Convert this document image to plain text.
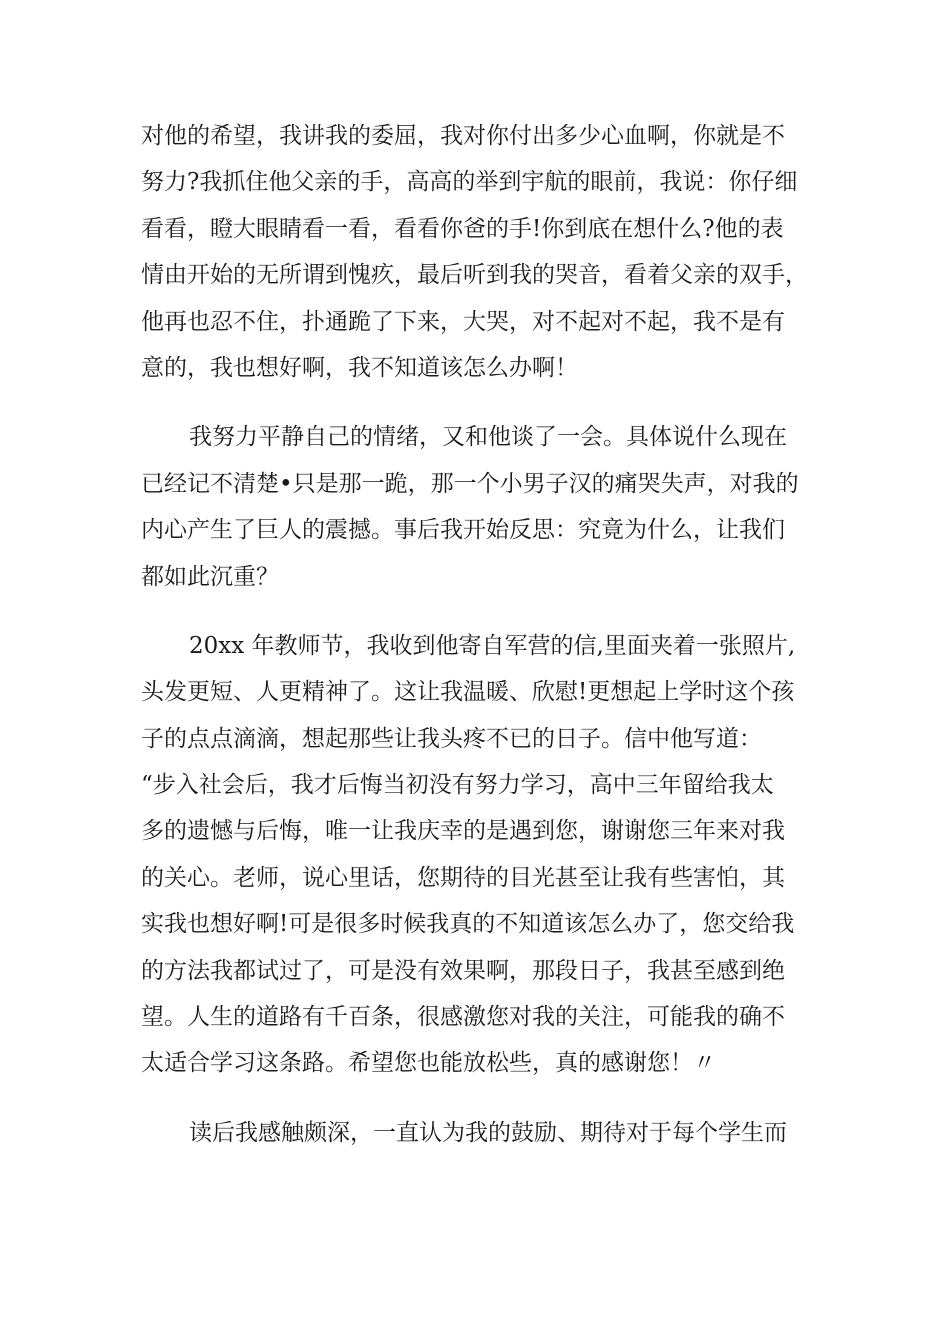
对他的希望，我讲我的委屈，我对你付出多少心血啊，你就是不
努力?我抓住他父亲的手，高高的举到宇航的眼前，我说：你仔细
看看，瞪大眼睛看一看，看看你爸的手!你到底在想什么?他的表
情由开始的无所谓到愧疚，最后听到我的哭音，看着父亲的双手，
他再也忍不住，扑通跪了下来，大哭，对不起对不起，我不是有
意的，我也想好啊，我不知道该怎么办啊！
我努力平静自己的情绪，又和他谈了一会。具体说什么现在
已经记不清楚•只是那一跪，那一个小男子汉的痛哭失声，对我的
内心产生了巨人的震撼。事后我开始反思：究竟为什么，让我们
都如此沉重？
20xx 年教师节，我收到他寄自军营的信,里面夹着一张照片,
头发更短、人更精神了。这让我温暖、欣慰!更想起上学时这个孩
子的点点滴滴，想起那些让我头疼不已的日子。信中他写道：
“步入社会后，我才后悔当初没有努力学习，高中三年留给我太
多的遗憾与后悔，唯一让我庆幸的是遇到您，谢谢您三年来对我
的关心。老师，说心里话，您期待的目光甚至让我有些害怕，其
实我也想好啊!可是很多时候我真的不知道该怎么办了，您交给我
的方法我都试过了，可是没有效果啊，那段日子，我甚至感到绝
望。人生的道路有千百条，很感激您对我的关注，可能我的确不
太适合学习这条路。希望您也能放松些，真的感谢您！〃
读后我感触颇深，一直认为我的鼓励、期待对于每个学生而
